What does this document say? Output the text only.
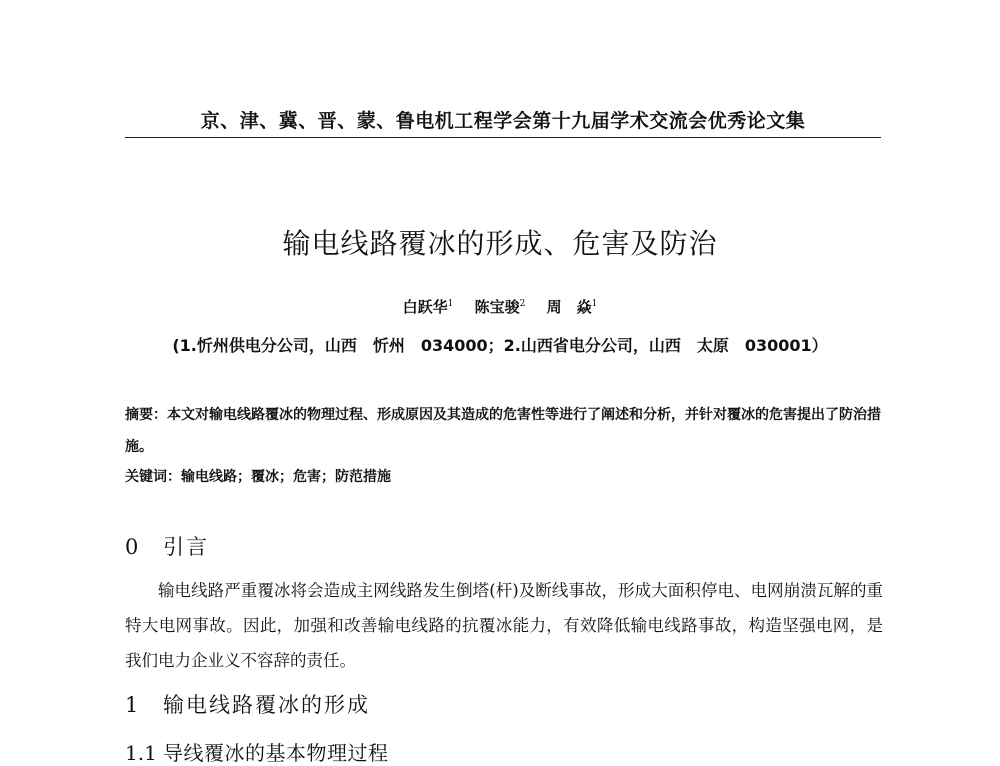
京、津、冀、晋、蒙、鲁电机工程学会第十九届学术交流会优秀论文集
输电线路覆冰的形成、危害及防治
白跃华$^1$ 陈宝骏$^2$ 周　焱$^1$
(1.忻州供电分公司，山西　忻州　034000；2.山西省电分公司，山西　太原　030001）
摘要：本文对输电线路覆冰的物理过程、形成原因及其造成的危害性等进行了阐述和分析，并针对覆冰的危害提出了防治措施。
关键词：输电线路；覆冰；危害；防范措施
0 引言
输电线路严重覆冰将会造成主网线路发生倒塔(杆)及断线事故，形成大面积停电、电网崩溃瓦解的重特大电网事故。因此，加强和改善输电线路的抗覆冰能力，有效降低输电线路事故，构造坚强电网，是我们电力企业义不容辞的责任。
1 输电线路覆冰的形成
1.1 导线覆冰的基本物理过程
